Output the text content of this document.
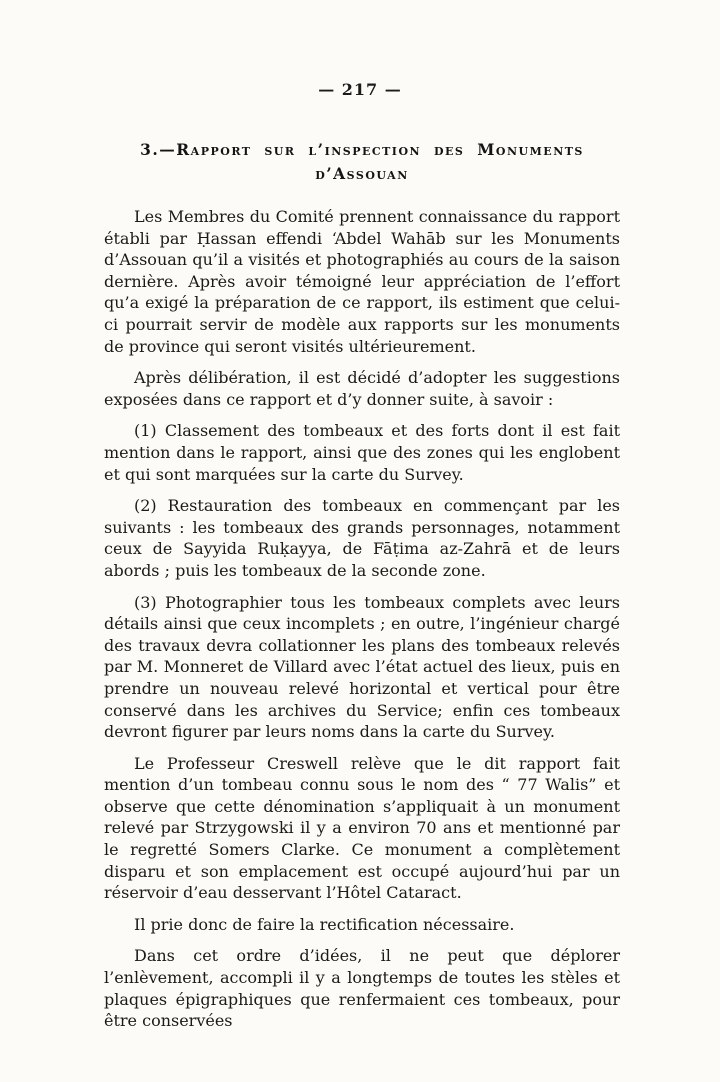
— 217 —
3.—Rapport sur l’inspection des Monuments
d’Assouan

Les Membres du Comité prennent connaissance du rapport établi par Ḥassan effendi ʻAbdel Wahāb sur les Monuments d’Assouan qu’il a visités et photographiés au cours de la saison dernière. Après avoir témoigné leur appréciation de l’effort qu’a exigé la préparation de ce rapport, ils estiment que celui-ci pourrait servir de modèle aux rapports sur les monuments de province qui seront visités ultérieurement.

Après délibération, il est décidé d’adopter les suggestions exposées dans ce rapport et d’y donner suite, à savoir :

(1) Classement des tombeaux et des forts dont il est fait mention dans le rapport, ainsi que des zones qui les englobent et qui sont marquées sur la carte du Survey.

(2) Restauration des tombeaux en commençant par les suivants : les tombeaux des grands personnages, notamment ceux de Sayyida Ruḳayya, de Fāṭima az-Zahrā et de leurs abords ; puis les tombeaux de la seconde zone.

(3) Photographier tous les tombeaux complets avec leurs détails ainsi que ceux incomplets ; en outre, l’ingénieur chargé des travaux devra collationner les plans des tombeaux relevés par M. Monneret de Villard avec l’état actuel des lieux, puis en prendre un nouveau relevé horizontal et vertical pour être conservé dans les archives du Service; enfin ces tombeaux devront figurer par leurs noms dans la carte du Survey.

Le Professeur Creswell relève que le dit rapport fait mention d’un tombeau connu sous le nom des “ 77 Walis” et observe que cette dénomination s’appliquait à un monument relevé par Strzygowski il y a environ 70 ans et mentionné par le regretté Somers Clarke. Ce monument a complètement disparu et son emplacement est occupé aujourd’hui par un réservoir d’eau desservant l’Hôtel Cataract.

Il prie donc de faire la rectification nécessaire.

Dans cet ordre d’idées, il ne peut que déplorer l’enlèvement, accompli il y a longtemps de toutes les stèles et plaques épigraphiques que renfermaient ces tombeaux, pour être conservées
